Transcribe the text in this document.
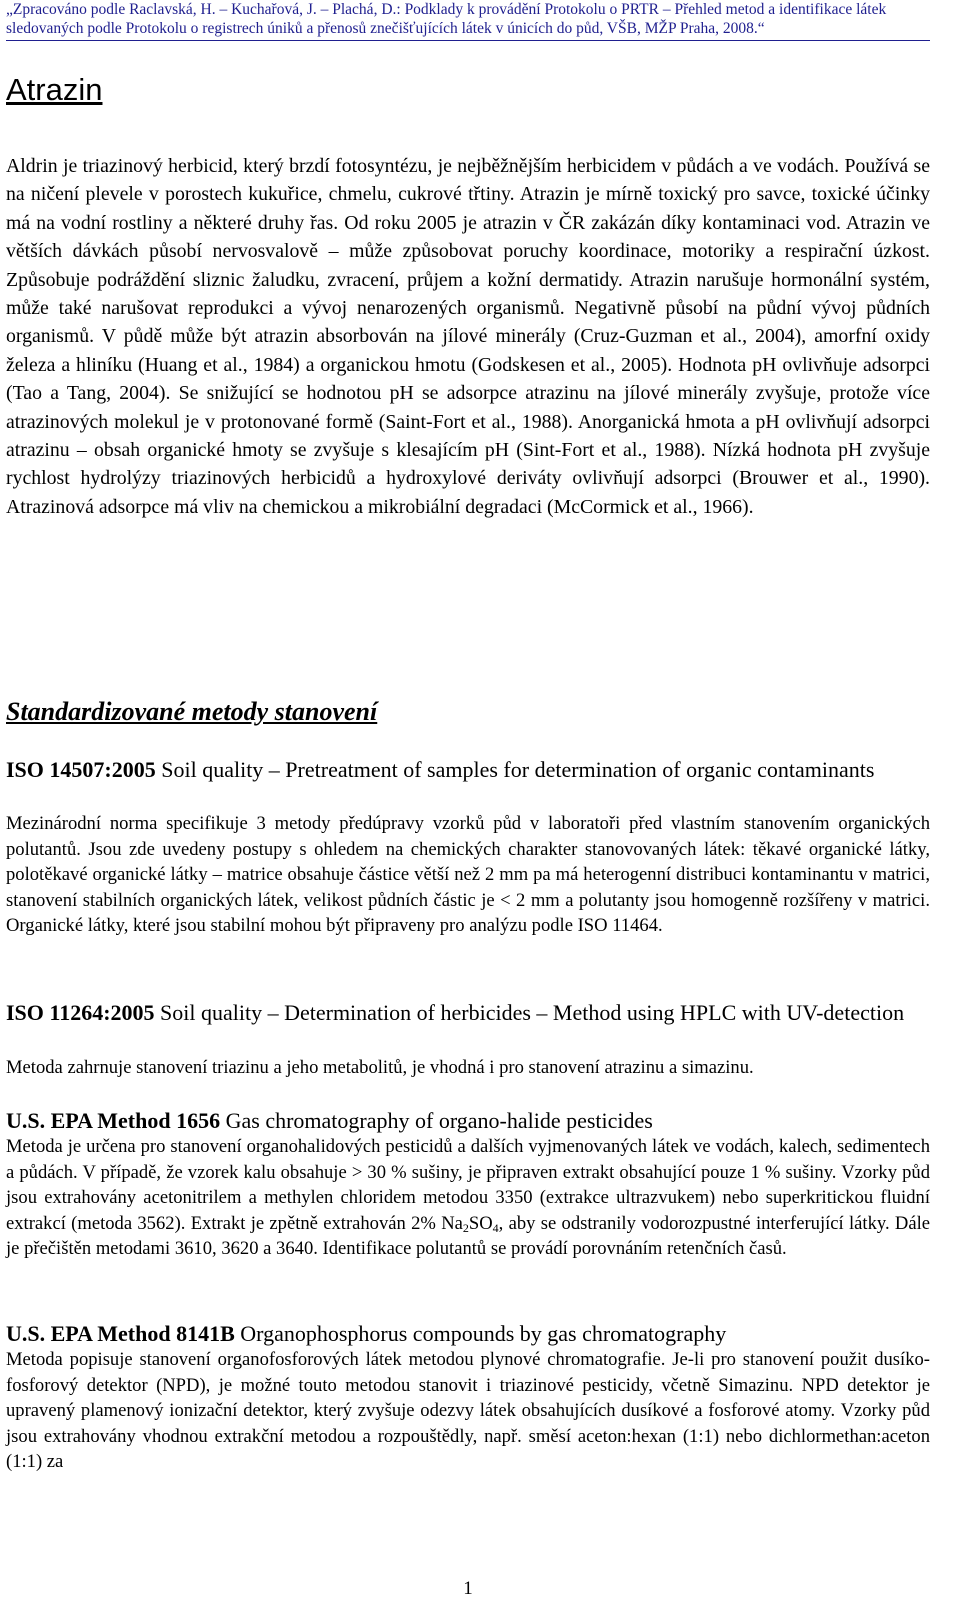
„Zpracováno podle Raclavská, H. – Kuchařová, J. – Plachá, D.: Podklady k provádění Protokolu o PRTR – Přehled metod a identifikace látek sledovaných podle Protokolu o registrech úniků a přenosů znečišťujících látek v únicích do půd, VŠB, MŽP Praha, 2008.“
Atrazin

Aldrin je triazinový herbicid, který brzdí fotosyntézu, je nejběžnějším herbicidem v půdách a ve vodách. Používá se na ničení plevele v porostech kukuřice, chmelu, cukrové třtiny. Atrazin je mírně toxický pro savce, toxické účinky má na vodní rostliny a některé druhy řas. Od roku 2005 je atrazin v ČR zakázán díky kontaminaci vod. Atrazin ve větších dávkách působí nervosvalově – může způsobovat poruchy koordinace, motoriky a respirační úzkost. Způsobuje podráždění sliznic žaludku, zvracení, průjem a kožní dermatidy. Atrazin narušuje hormonální systém, může také narušovat reprodukci a vývoj nenarozených organismů. Negativně působí na půdní vývoj půdních organismů. V půdě může být atrazin absorbován na jílové minerály (Cruz-Guzman et al., 2004), amorfní oxidy železa a hliníku (Huang et al., 1984) a organickou hmotu (Godskesen et al., 2005). Hodnota pH ovlivňuje adsorpci (Tao a Tang, 2004). Se snižující se hodnotou pH se adsorpce atrazinu na jílové minerály zvyšuje, protože více atrazinových molekul je v protonované formě (Saint-Fort et al., 1988). Anorganická hmota a pH ovlivňují adsorpci atrazinu – obsah organické hmoty se zvyšuje s klesajícím pH (Sint-Fort et al., 1988). Nízká hodnota pH zvyšuje rychlost hydrolýzy triazinových herbicidů a hydroxylové deriváty ovlivňují adsorpci (Brouwer et al., 1990). Atrazinová adsorpce má vliv na chemickou a mikrobiální degradaci (McCormick et al., 1966).

Standardizované metody stanovení

ISO 14507:2005 Soil quality – Pretreatment of samples for determination of organic contaminants

Mezinárodní norma specifikuje 3 metody předúpravy vzorků půd v laboratoři před vlastním stanovením organických polutantů. Jsou zde uvedeny postupy s ohledem na chemických charakter stanovovaných látek: těkavé organické látky, polotěkavé organické látky – matrice obsahuje částice větší než 2 mm pa má heterogenní distribuci kontaminantu v matrici, stanovení stabilních organických látek, velikost půdních částic je < 2 mm a polutanty jsou homogenně rozšířeny v matrici. Organické látky, které jsou stabilní mohou být připraveny pro analýzu podle ISO 11464.

ISO 11264:2005 Soil quality – Determination of herbicides – Method using HPLC with UV-detection

Metoda zahrnuje stanovení triazinu a jeho metabolitů, je vhodná i pro stanovení atrazinu a simazinu.

U.S. EPA Method 1656 Gas chromatography of organo-halide pesticides

Metoda je určena pro stanovení organohalidových pesticidů a dalších vyjmenovaných látek ve vodách, kalech, sedimentech a půdách. V případě, že vzorek kalu obsahuje > 30 % sušiny, je připraven extrakt obsahující pouze 1 % sušiny. Vzorky půd jsou extrahovány acetonitrilem a methylen chloridem metodou 3350 (extrakce ultrazvukem) nebo superkritickou fluidní extrakcí (metoda 3562). Extrakt je zpětně extrahován 2% $Na_2SO_4$, aby se odstranily vodorozpustné interferující látky. Dále je přečištěn metodami 3610, 3620 a 3640. Identifikace polutantů se provádí porovnáním retenčních časů.

U.S. EPA Method 8141B Organophosphorus compounds by gas chromatography

Metoda popisuje stanovení organofosforových látek metodou plynové chromatografie. Je-li pro stanovení použit dusíko-fosforový detektor (NPD), je možné touto metodou stanovit i triazinové pesticidy, včetně Simazinu. NPD detektor je upravený plamenový ionizační detektor, který zvyšuje odezvy látek obsahujících dusíkové a fosforové atomy. Vzorky půd jsou extrahovány vhodnou extrakční metodou a rozpouštědly, např. směsí aceton:hexan (1:1) nebo dichlormethan:aceton (1:1) za

1
